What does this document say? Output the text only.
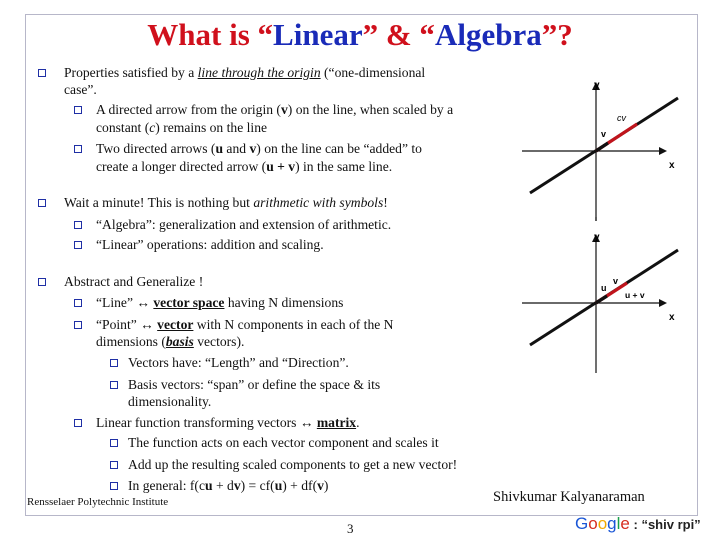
What is “Linear” & “Algebra”?
Properties satisfied by a line through the origin (“one-dimensional
case”.
A directed arrow from the origin (v) on the line, when scaled by a
constant (c) remains on the line
Two directed arrows (u and v) on the line can be “added” to
create a longer directed arrow (u + v) in the same line.
Wait a minute! This is nothing but arithmetic with symbols!
“Algebra”: generalization and extension of arithmetic.
“Linear” operations: addition and scaling.
Abstract and Generalize !
“Line” ↔ vector space having N dimensions
“Point” ↔ vector with N components in each of the N
dimensions (basis vectors).
Vectors have: “Length” and “Direction”.
Basis vectors: “span” or define the space & its
dimensionality.
Linear function transforming vectors ↔ matrix.
The function acts on each vector component and scales it
Add up the resulting scaled components to get a new vector!
In general: f(cu + dv) = cf(u) + df(v)
y
x
v
cv
y
x
u
v
u + v
Rensselaer Polytechnic Institute	Shivkumar Kalyanaraman
3	Google : “shiv rpi”
